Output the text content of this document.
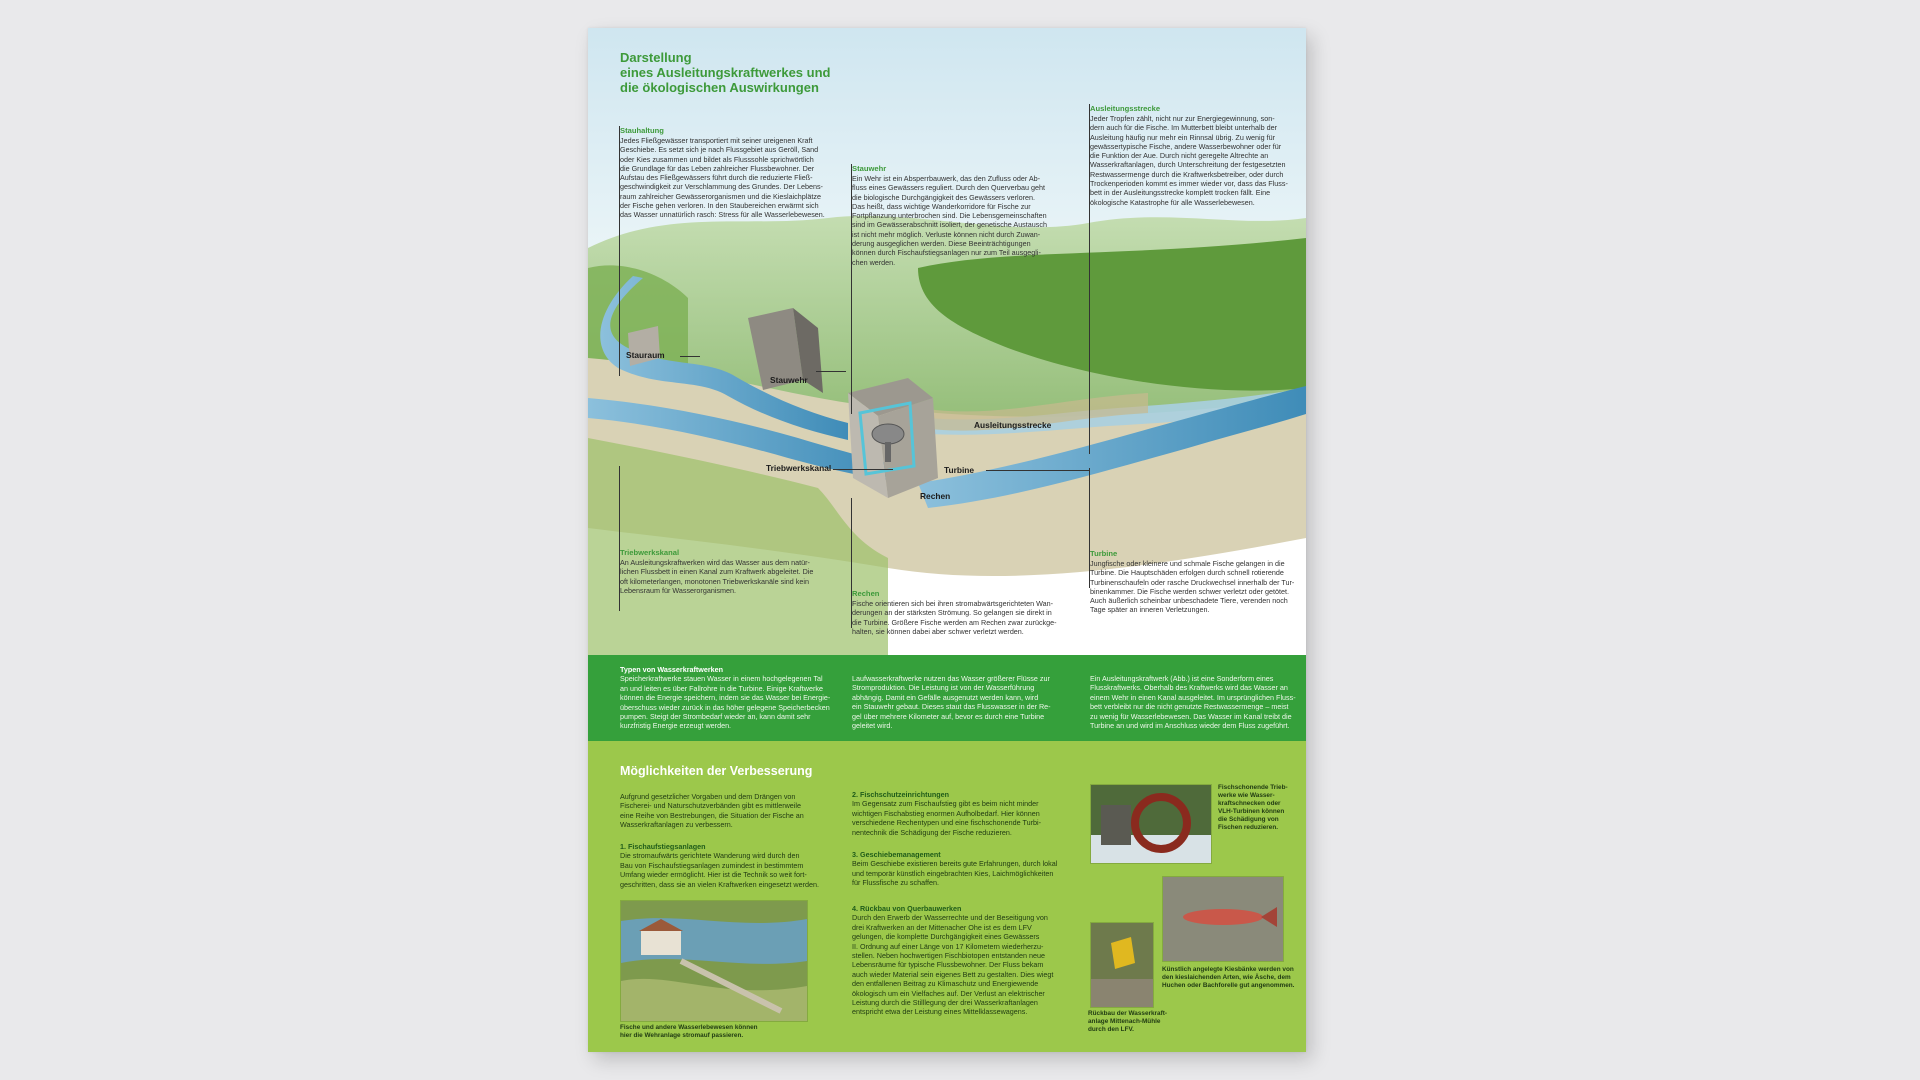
Darstellung
eines Ausleitungskraftwerkes und
die ökologischen Auswirkungen
Stauhaltung
Jedes Fließgewässer transportiert mit seiner ureigenen Kraft
Geschiebe. Es setzt sich je nach Flussgebiet aus Geröll, Sand
oder Kies zusammen und bildet als Flusssohle sprichwörtlich
die Grundlage für das Leben zahlreicher Flussbewohner. Der
Aufstau des Fließgewässers führt durch die reduzierte Fließ-
geschwindigkeit zur Verschlammung des Grundes. Der Lebens-
raum zahlreicher Gewässerorganismen und die Kieslaichplätze
der Fische gehen verloren. In den Staubereichen erwärmt sich
das Wasser unnatürlich rasch: Stress für alle Wasserlebewesen.
Stauwehr
Ein Wehr ist ein Absperrbauwerk, das den Zufluss oder Ab-
fluss eines Gewässers reguliert. Durch den Querverbau geht
die biologische Durchgängigkeit des Gewässers verloren.
Das heißt, dass wichtige Wanderkorridore für Fische zur
Fortpflanzung unterbrochen sind. Die Lebensgemeinschaften
sind im Gewässerabschnitt isoliert, der genetische Austausch
ist nicht mehr möglich. Verluste können nicht durch Zuwan-
derung ausgeglichen werden. Diese Beeinträchtigungen
können durch Fischaufstiegsanlagen nur zum Teil ausgegli-
chen werden.
Ausleitungsstrecke
Jeder Tropfen zählt, nicht nur zur Energiegewinnung, son-
dern auch für die Fische. Im Mutterbett bleibt unterhalb der
Ausleitung häufig nur mehr ein Rinnsal übrig. Zu wenig für
gewässertypische Fische, andere Wasserbewohner oder für
die Funktion der Aue. Durch nicht geregelte Altrechte an
Wasserkraftanlagen, durch Unterschreitung der festgesetzten
Restwassermenge durch die Kraftwerksbetreiber, oder durch
Trockenperioden kommt es immer wieder vor, dass das Fluss-
bett in der Ausleitungsstrecke komplett trocken fällt. Eine
ökologische Katastrophe für alle Wasserlebewesen.
Triebwerkskanal
An Ausleitungskraftwerken wird das Wasser aus dem natür-
lichen Flussbett in einen Kanal zum Kraftwerk abgeleitet. Die
oft kilometerlangen, monotonen Triebwerkskanäle sind kein
Lebensraum für Wasserorganismen.	Rechen
Fische orientieren sich bei ihren stromabwärtsgerichteten Wan-
derungen an der stärksten Strömung. So gelangen sie direkt in
die Turbine. Größere Fische werden am Rechen zwar zurückge-
halten, sie können dabei aber schwer verletzt werden.
Turbine
Jungfische oder kleinere und schmale Fische gelangen in die
Turbine. Die Hauptschäden erfolgen durch schnell rotierende
Turbinenschaufeln oder rasche Druckwechsel innerhalb der Tur-
binenkammer. Die Fische werden schwer verletzt oder getötet.
Auch äußerlich scheinbar unbeschadete Tiere, verenden noch
Tage später an inneren Verletzungen.
Stauraum
Stauwehr
Ausleitungsstrecke
Triebwerkskanal	Turbine
Rechen
Typen von Wasserkraftwerken
Speicherkraftwerke stauen Wasser in einem hochgelegenen Tal
an und leiten es über Fallrohre in die Turbine. Einige Kraftwerke
können die Energie speichern, indem sie das Wasser bei Energie-
überschuss wieder zurück in das höher gelegene Speicherbecken
pumpen. Steigt der Strombedarf wieder an, kann damit sehr
kurzfristig Energie erzeugt werden.
Laufwasserkraftwerke nutzen das Wasser größerer Flüsse zur
Stromproduktion. Die Leistung ist von der Wasserführung
abhängig. Damit ein Gefälle ausgenutzt werden kann, wird
ein Stauwehr gebaut. Dieses staut das Flusswasser in der Re-
gel über mehrere Kilometer auf, bevor es durch eine Turbine
geleitet wird.
Ein Ausleitungskraftwerk (Abb.) ist eine Sonderform eines
Flusskraftwerks. Oberhalb des Kraftwerks wird das Wasser an
einem Wehr in einen Kanal ausgeleitet. Im ursprünglichen Fluss-
bett verbleibt nur die nicht genutzte Restwassermenge – meist
zu wenig für Wasserlebewesen. Das Wasser im Kanal treibt die
Turbine an und wird im Anschluss wieder dem Fluss zugeführt.
Möglichkeiten der Verbesserung
Aufgrund gesetzlicher Vorgaben und dem Drängen von
Fischerei- und Naturschutzverbänden gibt es mittlerweile
eine Reihe von Bestrebungen, die Situation der Fische an
Wasserkraftanlagen zu verbessern.
1. Fischaufstiegsanlagen
Die stromaufwärts gerichtete Wanderung wird durch den
Bau von Fischaufstiegsanlagen zumindest in bestimmtem
Umfang wieder ermöglicht. Hier ist die Technik so weit fort-
geschritten, dass sie an vielen Kraftwerken eingesetzt werden.
Fische und andere Wasserlebewesen können
hier die Wehranlage stromauf passieren.
2. Fischschutzeinrichtungen
Im Gegensatz zum Fischaufstieg gibt es beim nicht minder
wichtigen Fischabstieg enormen Aufholbedarf. Hier können
verschiedene Rechentypen und eine fischschonende Turbi-
nentechnik die Schädigung der Fische reduzieren.
3. Geschiebemanagement
Beim Geschiebe existieren bereits gute Erfahrungen, durch lokal
und temporär künstlich eingebrachten Kies, Laichmöglichkeiten
für Flussfische zu schaffen.
4. Rückbau von Querbauwerken
Durch den Erwerb der Wasserrechte und der Beseitigung von
drei Kraftwerken an der Mittenacher Ohe ist es dem LFV
gelungen, die komplette Durchgängigkeit eines Gewässers
II. Ordnung auf einer Länge von 17 Kilometern wiederherzu-
stellen. Neben hochwertigen Fischbiotopen entstanden neue
Lebensräume für typische Flussbewohner. Der Fluss bekam
auch wieder Material sein eigenes Bett zu gestalten. Dies wiegt
den entfallenen Beitrag zu Klimaschutz und Energiewende
ökologisch um ein Vielfaches auf. Der Verlust an elektrischer
Leistung durch die Stilllegung der drei Wasserkraftanlagen
entspricht etwa der Leistung eines Mittelklassewagens.
Fischschonende Trieb-
werke wie Wasser-
kraftschnecken oder
VLH-Turbinen können
die Schädigung von
Fischen reduzieren.
Rückbau der Wasserkraft-
anlage Mittenach-Mühle
durch den LFV.
Künstlich angelegte Kiesbänke werden von
den kieslaichenden Arten, wie Äsche, dem
Huchen oder Bachforelle gut angenommen.
